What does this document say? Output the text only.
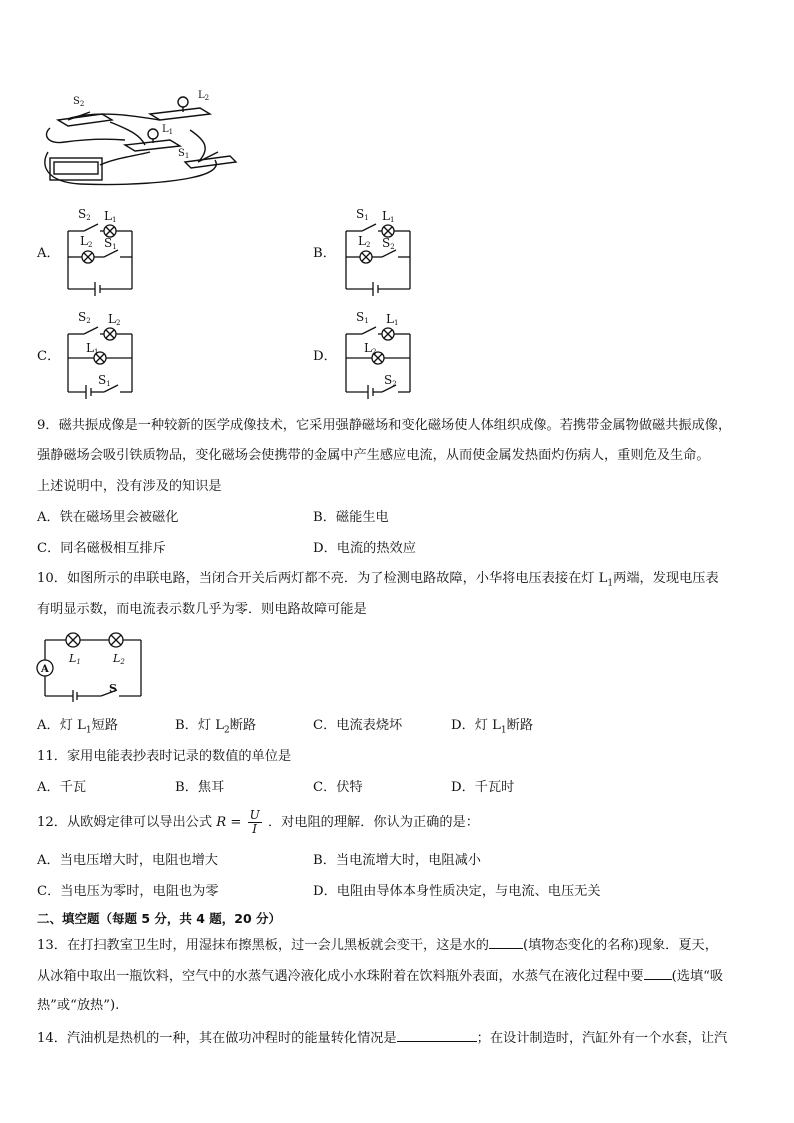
$S_2$
$L_2$
$L_1$
$S_1$
A．	B．
C．	D．
S2 L1
L2 S1
S1 L1
L2 S2
S2 L2
L1
S1
S1 L1
L2
S2
9．磁共振成像是一种较新的医学成像技术，它采用强静磁场和变化磁场使人体组织成像。若携带金属物做磁共振成像，
强静磁场会吸引铁质物品，变化磁场会使携带的金属中产生感应电流，从而使金属发热面灼伤病人，重则危及生命。
上述说明中，没有涉及的知识是
A．铁在磁场里会被磁化	B．磁能生电
C．同名磁极相互排斥	D．电流的热效应
10．如图所示的串联电路，当闭合开关后两灯都不亮．为了检测电路故障，小华将电压表接在灯 $L_1$两端，发现电压表
有明显示数，而电流表示数几乎为零．则电路故障可能是
A
L1	L2
S
A．灯 $L_1$短路	B．灯 $L_2$断路	C．电流表烧坏	D．灯 $L_1$断路
11．家用电能表抄表时记录的数值的单位是
A．千瓦	B．焦耳	C．伏特	D．千瓦时
12．从欧姆定律可以导出公式 $R = \frac{U}{I}$ ．对电阻的理解．你认为正确的是：
A．当电压增大时，电阻也增大	B．当电流增大时，电阻减小
C．当电压为零时，电阻也为零	D．电阻由导体本身性质决定，与电流、电压无关
二、填空题（每题 5 分，共 4 题，20 分）
13．在打扫教室卫生时，用湿抹布擦黑板，过一会儿黑板就会变干，这是水的	(填物态变化的名称)现象．夏天，
从冰箱中取出一瓶饮料，空气中的水蒸气遇冷液化成小水珠附着在饮料瓶外表面，水蒸气在液化过程中要 (选填“吸
热”或“放热”).
14．汽油机是热机的一种，其在做功冲程时的能量转化情况是	；在设计制造时，汽缸外有一个水套，让汽
